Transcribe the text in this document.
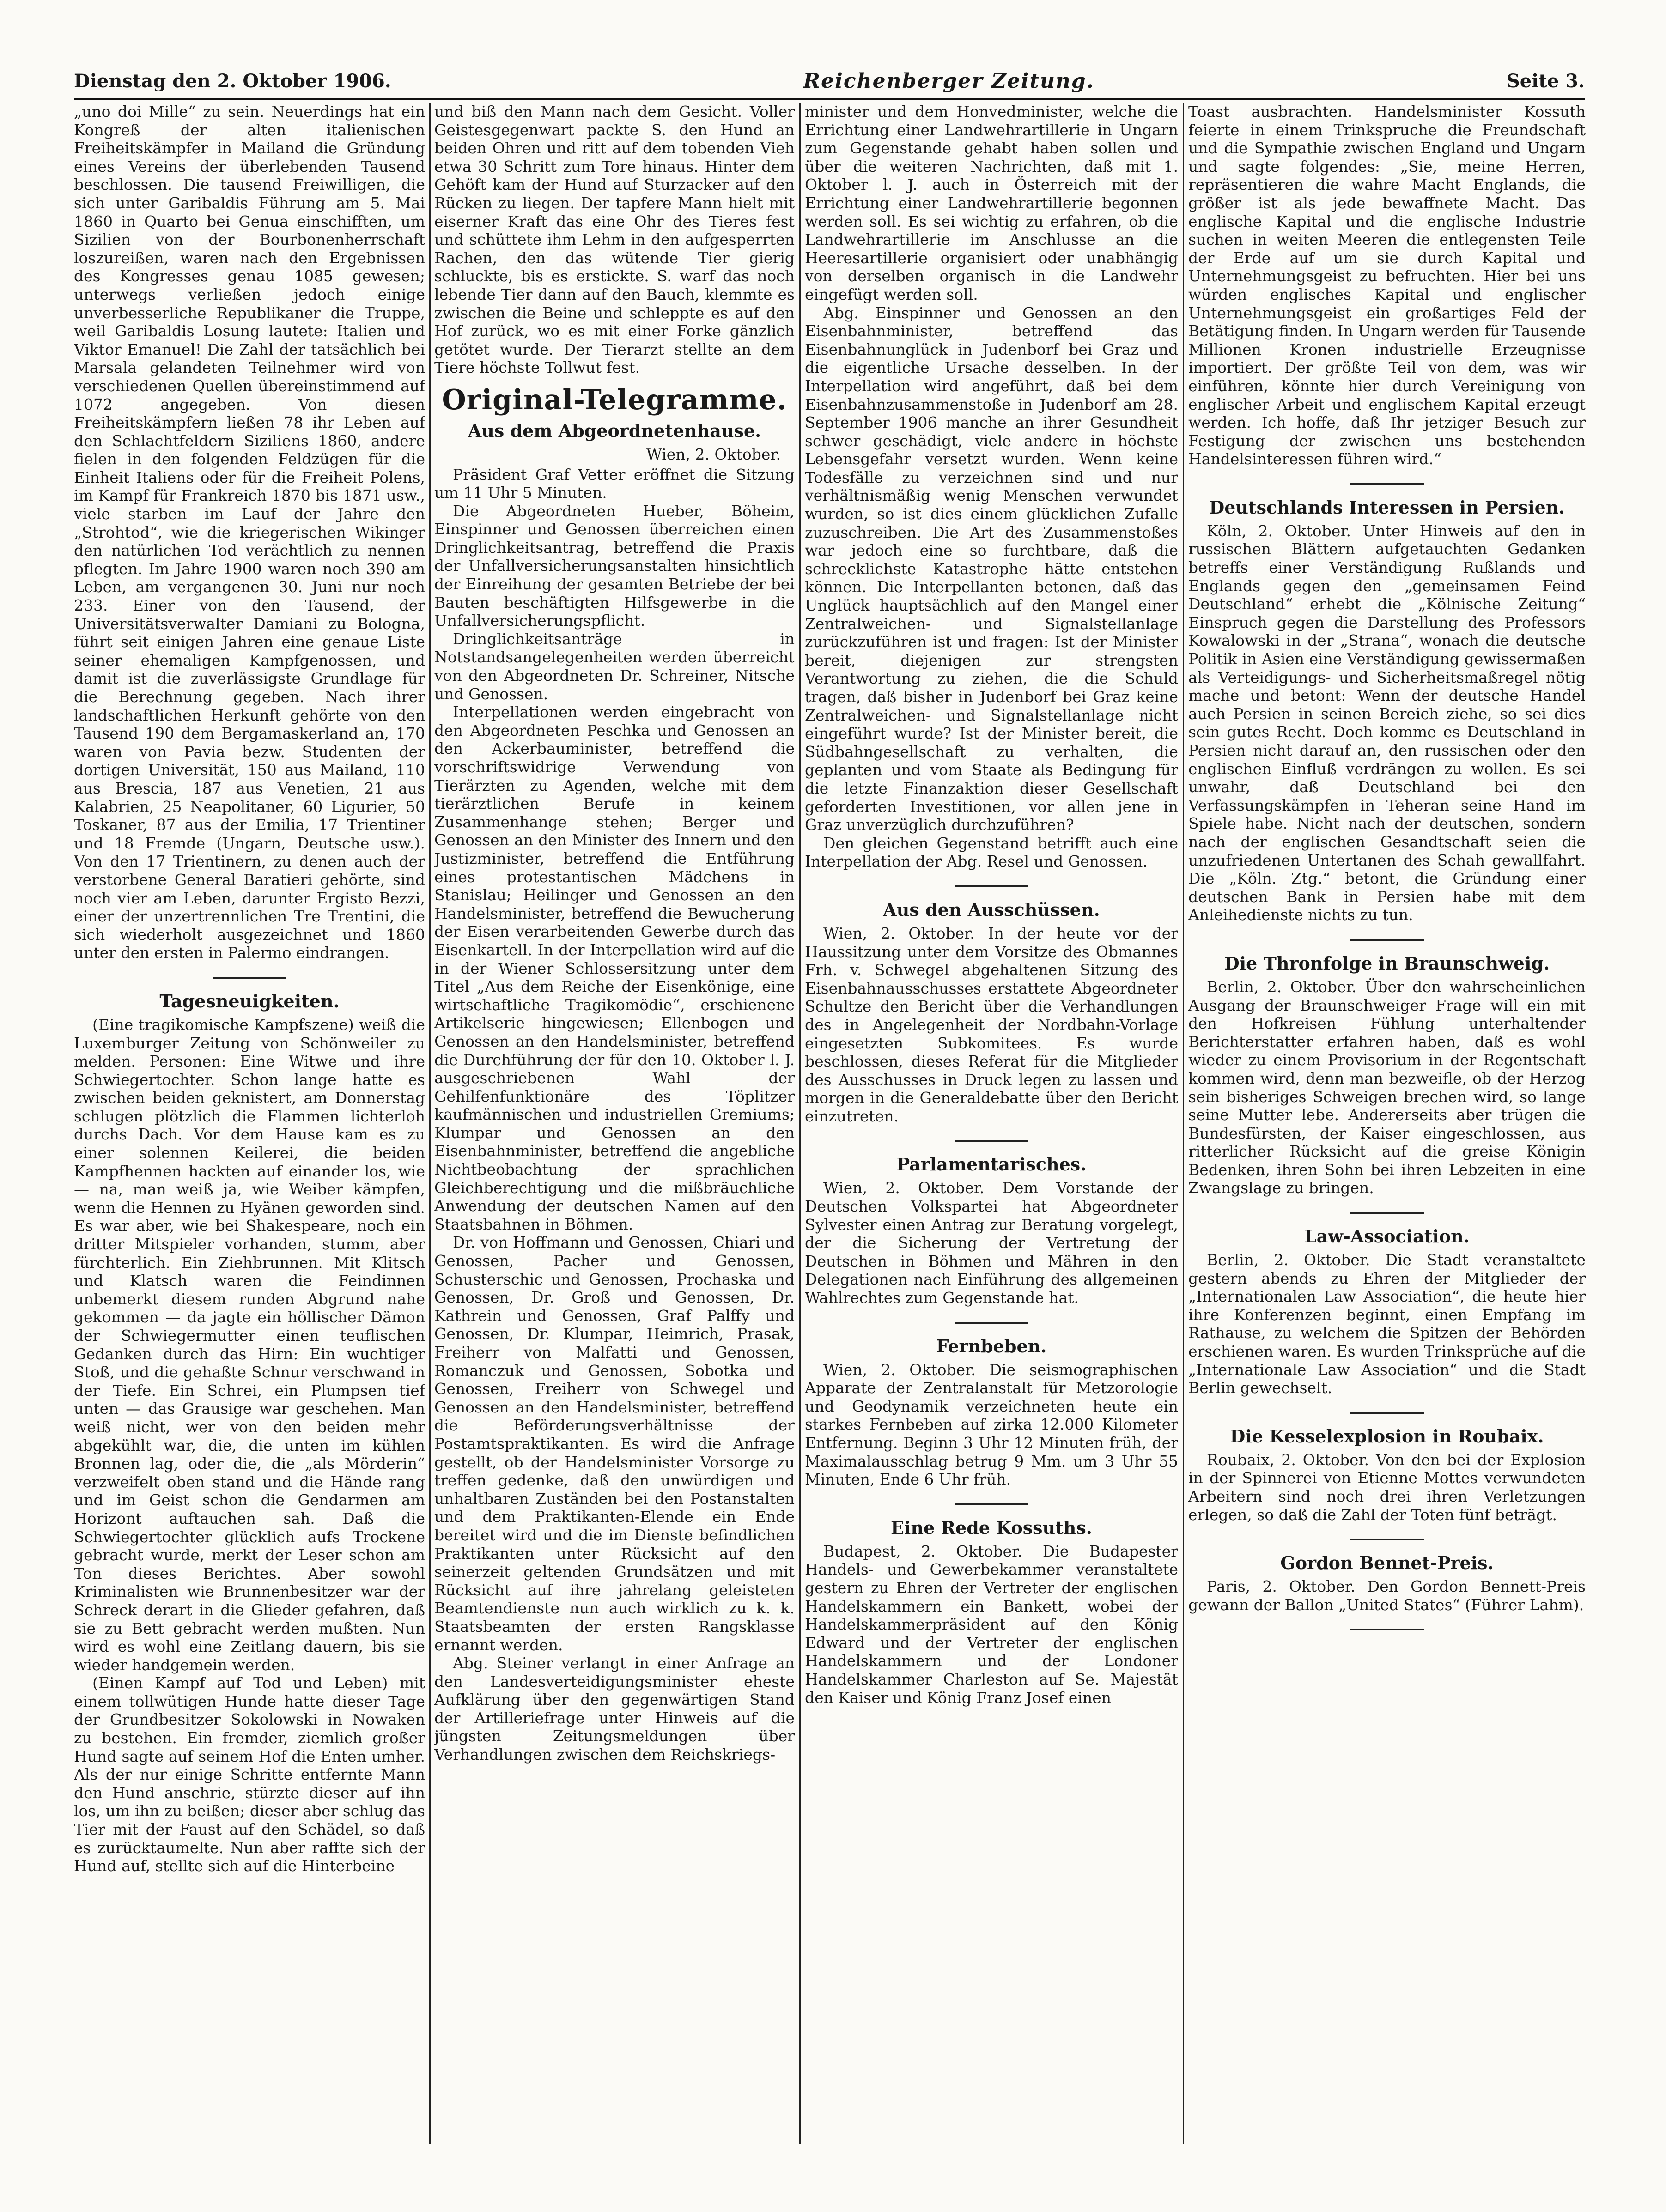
Dienstag den 2. Oktober 1906.	Reichenberger Zeitung.	Seite 3.

„uno doi Mille“ zu sein. Neuerdings hat ein Kongreß der alten italienischen Freiheitskämpfer in Mailand die Gründung eines Vereins der überlebenden Tausend beschlossen. Die tausend Freiwilligen, die sich unter Garibaldis Führung am 5. Mai 1860 in Quarto bei Genua einschifften, um Sizilien von der Bourbonenherrschaft loszureißen, waren nach den Ergebnissen des Kongresses genau 1085 gewesen; unterwegs verließen jedoch einige unverbesserliche Republikaner die Truppe, weil Garibaldis Losung lautete: Italien und Viktor Emanuel! Die Zahl der tatsächlich bei Marsala gelandeten Teilnehmer wird von verschiedenen Quellen übereinstimmend auf 1072 angegeben. Von diesen Freiheitskämpfern ließen 78 ihr Leben auf den Schlachtfeldern Siziliens 1860, andere fielen in den folgenden Feldzügen für die Einheit Italiens oder für die Freiheit Polens, im Kampf für Frankreich 1870 bis 1871 usw., viele starben im Lauf der Jahre den „Strohtod“, wie die kriegerischen Wikinger den natürlichen Tod verächtlich zu nennen pflegten. Im Jahre 1900 waren noch 390 am Leben, am vergangenen 30. Juni nur noch 233. Einer von den Tausend, der Universitätsverwalter Damiani zu Bologna, führt seit einigen Jahren eine genaue Liste seiner ehemaligen Kampfgenossen, und damit ist die zuverlässigste Grundlage für die Berechnung gegeben. Nach ihrer landschaftlichen Herkunft gehörte von den Tausend 190 dem Bergamaskerland an, 170 waren von Pavia bezw. Studenten der dortigen Universität, 150 aus Mailand, 110 aus Brescia, 187 aus Venetien, 21 aus Kalabrien, 25 Neapolitaner, 60 Ligurier, 50 Toskaner, 87 aus der Emilia, 17 Trientiner und 18 Fremde (Ungarn, Deutsche usw.). Von den 17 Trientinern, zu denen auch der verstorbene General Baratieri gehörte, sind noch vier am Leben, darunter Ergisto Bezzi, einer der unzertrennlichen Tre Trentini, die sich wiederholt ausgezeichnet und 1860 unter den ersten in Palermo eindrangen.

Tagesneuigkeiten.

(Eine tragikomische Kampfszene) weiß die Luxemburger Zeitung von Schönweiler zu melden. Personen: Eine Witwe und ihre Schwiegertochter. Schon lange hatte es zwischen beiden geknistert, am Donnerstag schlugen plötzlich die Flammen lichterloh durchs Dach. Vor dem Hause kam es zu einer solennen Keilerei, die beiden Kampfhennen hackten auf einander los, wie — na, man weiß ja, wie Weiber kämpfen, wenn die Hennen zu Hyänen geworden sind. Es war aber, wie bei Shakespeare, noch ein dritter Mitspieler vorhanden, stumm, aber fürchterlich. Ein Ziehbrunnen. Mit Klitsch und Klatsch waren die Feindinnen unbemerkt diesem runden Abgrund nahe gekommen — da jagte ein höllischer Dämon der Schwiegermutter einen teuflischen Gedanken durch das Hirn: Ein wuchtiger Stoß, und die gehaßte Schnur verschwand in der Tiefe. Ein Schrei, ein Plumpsen tief unten — das Grausige war geschehen. Man weiß nicht, wer von den beiden mehr abgekühlt war, die, die unten im kühlen Bronnen lag, oder die, die „als Mörderin“ verzweifelt oben stand und die Hände rang und im Geist schon die Gendarmen am Horizont auftauchen sah. Daß die Schwiegertochter glücklich aufs Trockene gebracht wurde, merkt der Leser schon am Ton dieses Berichtes. Aber sowohl Kriminalisten wie Brunnenbesitzer war der Schreck derart in die Glieder gefahren, daß sie zu Bett gebracht werden mußten. Nun wird es wohl eine Zeitlang dauern, bis sie wieder handgemein werden.

(Einen Kampf auf Tod und Leben) mit einem tollwütigen Hunde hatte dieser Tage der Grundbesitzer Sokolowski in Nowaken zu bestehen. Ein fremder, ziemlich großer Hund sagte auf seinem Hof die Enten umher. Als der nur einige Schritte entfernte Mann den Hund anschrie, stürzte dieser auf ihn los, um ihn zu beißen; dieser aber schlug das Tier mit der Faust auf den Schädel, so daß es zurücktaumelte. Nun aber raffte sich der Hund auf, stellte sich auf die Hinterbeine

und biß den Mann nach dem Gesicht. Voller Geistesgegenwart packte S. den Hund an beiden Ohren und ritt auf dem tobenden Vieh etwa 30 Schritt zum Tore hinaus. Hinter dem Gehöft kam der Hund auf Sturzacker auf den Rücken zu liegen. Der tapfere Mann hielt mit eiserner Kraft das eine Ohr des Tieres fest und schüttete ihm Lehm in den aufgesperrten Rachen, den das wütende Tier gierig schluckte, bis es erstickte. S. warf das noch lebende Tier dann auf den Bauch, klemmte es zwischen die Beine und schleppte es auf den Hof zurück, wo es mit einer Forke gänzlich getötet wurde. Der Tierarzt stellte an dem Tiere höchste Tollwut fest.

Original-Telegramme.
Aus dem Abgeordnetenhause.
Wien, 2. Oktober.

Präsident Graf Vetter eröffnet die Sitzung um 11 Uhr 5 Minuten.

Die Abgeordneten Hueber, Böheim, Einspinner und Genossen überreichen einen Dringlichkeitsantrag, betreffend die Praxis der Unfallversicherungsanstalten hinsichtlich der Einreihung der gesamten Betriebe der bei Bauten beschäftigten Hilfsgewerbe in die Unfallversicherungspflicht.

Dringlichkeitsanträge in Notstandsangelegenheiten werden überreicht von den Abgeordneten Dr. Schreiner, Nitsche und Genossen.

Interpellationen werden eingebracht von den Abgeordneten Peschka und Genossen an den Ackerbauminister, betreffend die vorschriftswidrige Verwendung von Tierärzten zu Agenden, welche mit dem tierärztlichen Berufe in keinem Zusammenhange stehen; Berger und Genossen an den Minister des Innern und den Justizminister, betreffend die Entführung eines protestantischen Mädchens in Stanislau; Heilinger und Genossen an den Handelsminister, betreffend die Bewucherung der Eisen verarbeitenden Gewerbe durch das Eisenkartell. In der Interpellation wird auf die in der Wiener Schlossersitzung unter dem Titel „Aus dem Reiche der Eisenkönige, eine wirtschaftliche Tragikomödie“, erschienene Artikelserie hingewiesen; Ellenbogen und Genossen an den Handelsminister, betreffend die Durchführung der für den 10. Oktober l. J. ausgeschriebenen Wahl der Gehilfenfunktionäre des Töplitzer kaufmännischen und industriellen Gremiums; Klumpar und Genossen an den Eisenbahnminister, betreffend die angebliche Nichtbeobachtung der sprachlichen Gleichberechtigung und die mißbräuchliche Anwendung der deutschen Namen auf den Staatsbahnen in Böhmen.

Dr. von Hoffmann und Genossen, Chiari und Genossen, Pacher und Genossen, Schusterschic und Genossen, Prochaska und Genossen, Dr. Groß und Genossen, Dr. Kathrein und Genossen, Graf Palffy und Genossen, Dr. Klumpar, Heimrich, Prasak, Freiherr von Malfatti und Genossen, Romanczuk und Genossen, Sobotka und Genossen, Freiherr von Schwegel und Genossen an den Handelsminister, betreffend die Beförderungsverhältnisse der Postamtspraktikanten. Es wird die Anfrage gestellt, ob der Handelsminister Vorsorge zu treffen gedenke, daß den unwürdigen und unhaltbaren Zuständen bei den Postanstalten und dem Praktikanten-Elende ein Ende bereitet wird und die im Dienste befindlichen Praktikanten unter Rücksicht auf den seinerzeit geltenden Grundsätzen und mit Rücksicht auf ihre jahrelang geleisteten Beamtendienste nun auch wirklich zu k. k. Staatsbeamten der ersten Rangsklasse ernannt werden.

Abg. Steiner verlangt in einer Anfrage an den Landesverteidigungsminister eheste Aufklärung über den gegenwärtigen Stand der Artilleriefrage unter Hinweis auf die jüngsten Zeitungsmeldungen über Verhandlungen zwischen dem Reichskriegs-

minister und dem Honvedminister, welche die Errichtung einer Landwehrartillerie in Ungarn zum Gegenstande gehabt haben sollen und über die weiteren Nachrichten, daß mit 1. Oktober l. J. auch in Österreich mit der Errichtung einer Landwehrartillerie begonnen werden soll. Es sei wichtig zu erfahren, ob die Landwehrartillerie im Anschlusse an die Heeresartillerie organisiert oder unabhängig von derselben organisch in die Landwehr eingefügt werden soll.

Abg. Einspinner und Genossen an den Eisenbahnminister, betreffend das Eisenbahnunglück in Judenborf bei Graz und die eigentliche Ursache desselben. In der Interpellation wird angeführt, daß bei dem Eisenbahnzusammenstoße in Judenborf am 28. September 1906 manche an ihrer Gesundheit schwer geschädigt, viele andere in höchste Lebensgefahr versetzt wurden. Wenn keine Todesfälle zu verzeichnen sind und nur verhältnismäßig wenig Menschen verwundet wurden, so ist dies einem glücklichen Zufalle zuzuschreiben. Die Art des Zusammenstoßes war jedoch eine so furchtbare, daß die schrecklichste Katastrophe hätte entstehen können. Die Interpellanten betonen, daß das Unglück hauptsächlich auf den Mangel einer Zentralweichen- und Signalstellanlage zurückzuführen ist und fragen: Ist der Minister bereit, diejenigen zur strengsten Verantwortung zu ziehen, die die Schuld tragen, daß bisher in Judenborf bei Graz keine Zentralweichen- und Signalstellanlage nicht eingeführt wurde? Ist der Minister bereit, die Südbahngesellschaft zu verhalten, die geplanten und vom Staate als Bedingung für die letzte Finanzaktion dieser Gesellschaft geforderten Investitionen, vor allen jene in Graz unverzüglich durchzuführen?

Den gleichen Gegenstand betrifft auch eine Interpellation der Abg. Resel und Genossen.

Aus den Ausschüssen.

Wien, 2. Oktober. In der heute vor der Haussitzung unter dem Vorsitze des Obmannes Frh. v. Schwegel abgehaltenen Sitzung des Eisenbahnausschusses erstattete Abgeordneter Schultze den Bericht über die Verhandlungen des in Angelegenheit der Nordbahn-Vorlage eingesetzten Subkomitees. Es wurde beschlossen, dieses Referat für die Mitglieder des Ausschusses in Druck legen zu lassen und morgen in die Generaldebatte über den Bericht einzutreten.

Parlamentarisches.

Wien, 2. Oktober. Dem Vorstande der Deutschen Volkspartei hat Abgeordneter Sylvester einen Antrag zur Beratung vorgelegt, der die Sicherung der Vertretung der Deutschen in Böhmen und Mähren in den Delegationen nach Einführung des allgemeinen Wahlrechtes zum Gegenstande hat.

Fernbeben.

Wien, 2. Oktober. Die seismographischen Apparate der Zentralanstalt für Metzorologie und Geodynamik verzeichneten heute ein starkes Fernbeben auf zirka 12.000 Kilometer Entfernung. Beginn 3 Uhr 12 Minuten früh, der Maximalausschlag betrug 9 Mm. um 3 Uhr 55 Minuten, Ende 6 Uhr früh.

Eine Rede Kossuths.

Budapest, 2. Oktober. Die Budapester Handels- und Gewerbekammer veranstaltete gestern zu Ehren der Vertreter der englischen Handelskammern ein Bankett, wobei der Handelskammerpräsident auf den König Edward und der Vertreter der englischen Handelskammern und der Londoner Handelskammer Charleston auf Se. Majestät den Kaiser und König Franz Josef einen

Toast ausbrachten. Handelsminister Kossuth feierte in einem Trinkspruche die Freundschaft und die Sympathie zwischen England und Ungarn und sagte folgendes: „Sie, meine Herren, repräsentieren die wahre Macht Englands, die größer ist als jede bewaffnete Macht. Das englische Kapital und die englische Industrie suchen in weiten Meeren die entlegensten Teile der Erde auf um sie durch Kapital und Unternehmungsgeist zu befruchten. Hier bei uns würden englisches Kapital und englischer Unternehmungsgeist ein großartiges Feld der Betätigung finden. In Ungarn werden für Tausende Millionen Kronen industrielle Erzeugnisse importiert. Der größte Teil von dem, was wir einführen, könnte hier durch Vereinigung von englischer Arbeit und englischem Kapital erzeugt werden. Ich hoffe, daß Ihr jetziger Besuch zur Festigung der zwischen uns bestehenden Handelsinteressen führen wird.“

Deutschlands Interessen in Persien.

Köln, 2. Oktober. Unter Hinweis auf den in russischen Blättern aufgetauchten Gedanken betreffs einer Verständigung Rußlands und Englands gegen den „gemeinsamen Feind Deutschland“ erhebt die „Kölnische Zeitung“ Einspruch gegen die Darstellung des Professors Kowalowski in der „Strana“, wonach die deutsche Politik in Asien eine Verständigung gewissermaßen als Verteidigungs- und Sicherheitsmaßregel nötig mache und betont: Wenn der deutsche Handel auch Persien in seinen Bereich ziehe, so sei dies sein gutes Recht. Doch komme es Deutschland in Persien nicht darauf an, den russischen oder den englischen Einfluß verdrängen zu wollen. Es sei unwahr, daß Deutschland bei den Verfassungskämpfen in Teheran seine Hand im Spiele habe. Nicht nach der deutschen, sondern nach der englischen Gesandtschaft seien die unzufriedenen Untertanen des Schah gewallfahrt. Die „Köln. Ztg.“ betont, die Gründung einer deutschen Bank in Persien habe mit dem Anleihedienste nichts zu tun.

Die Thronfolge in Braunschweig.

Berlin, 2. Oktober. Über den wahrscheinlichen Ausgang der Braunschweiger Frage will ein mit den Hofkreisen Fühlung unterhaltender Berichterstatter erfahren haben, daß es wohl wieder zu einem Provisorium in der Regentschaft kommen wird, denn man bezweifle, ob der Herzog sein bisheriges Schweigen brechen wird, so lange seine Mutter lebe. Andererseits aber trügen die Bundesfürsten, der Kaiser eingeschlossen, aus ritterlicher Rücksicht auf die greise Königin Bedenken, ihren Sohn bei ihren Lebzeiten in eine Zwangslage zu bringen.

Law-Association.

Berlin, 2. Oktober. Die Stadt veranstaltete gestern abends zu Ehren der Mitglieder der „Internationalen Law Association“, die heute hier ihre Konferenzen beginnt, einen Empfang im Rathause, zu welchem die Spitzen der Behörden erschienen waren. Es wurden Trinksprüche auf die „Internationale Law Association“ und die Stadt Berlin gewechselt.

Die Kesselexplosion in Roubaix.

Roubaix, 2. Oktober. Von den bei der Explosion in der Spinnerei von Etienne Mottes verwundeten Arbeitern sind noch drei ihren Verletzungen erlegen, so daß die Zahl der Toten fünf beträgt.

Gordon Bennet-Preis.

Paris, 2. Oktober. Den Gordon Bennett-Preis gewann der Ballon „United States“ (Führer Lahm).
